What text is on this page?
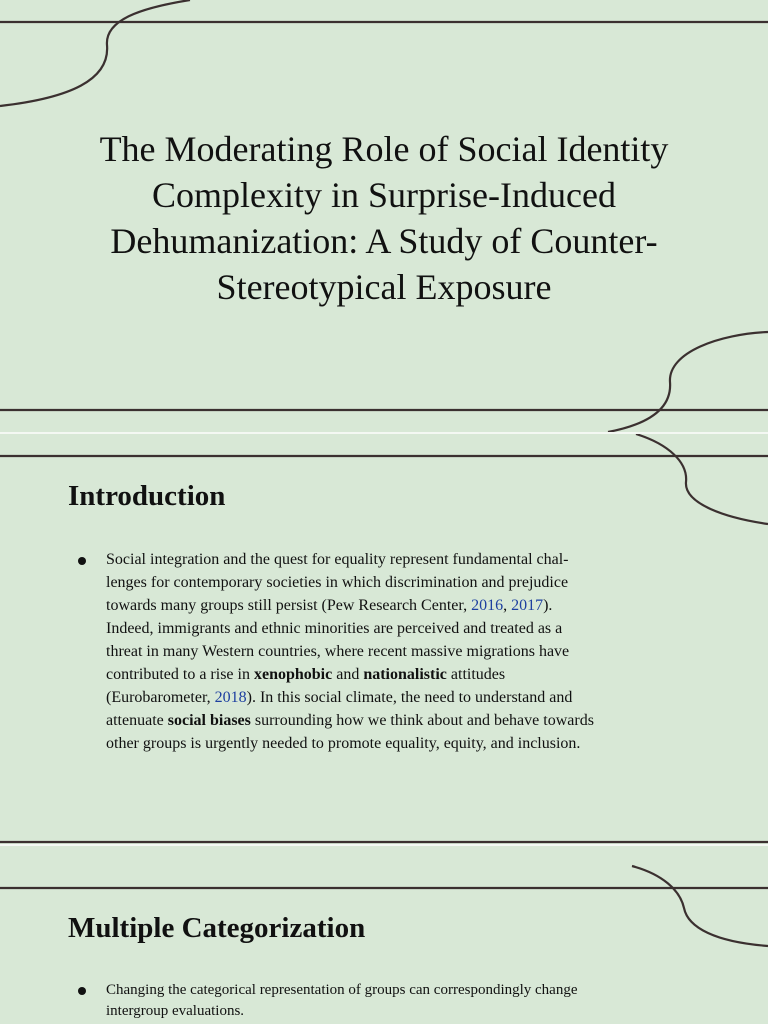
The Moderating Role of Social Identity Complexity in Surprise-Induced Dehumanization: A Study of Counter-Stereotypical Exposure
Introduction
Social integration and the quest for equality represent fundamental chal-
lenges for contemporary societies in which discrimination and prejudice
towards many groups still persist (Pew Research Center, 2016, 2017).
Indeed, immigrants and ethnic minorities are perceived and treated as a
threat in many Western countries, where recent massive migrations have
contributed to a rise in xenophobic and nationalistic attitudes
(Eurobarometer, 2018). In this social climate, the need to understand and
attenuate social biases surrounding how we think about and behave towards
other groups is urgently needed to promote equality, equity, and inclusion.
Multiple Categorization
Changing the categorical representation of groups can correspondingly change
intergroup evaluations.
